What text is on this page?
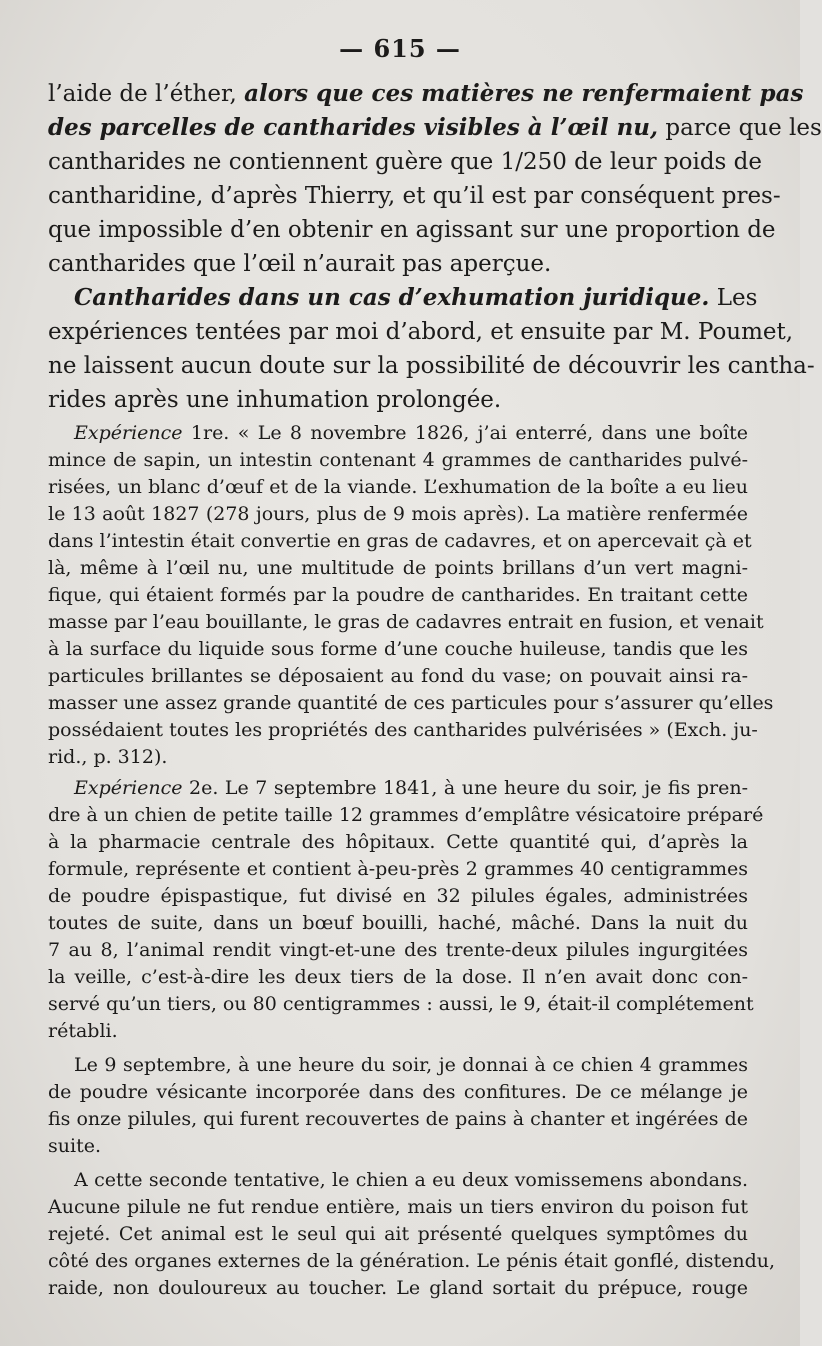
— 615 —
l’aide de l’éther, alors que ces matières ne renfermaient pas
des parcelles de cantharides visibles à l’œil nu, parce que les
cantharides ne contiennent guère que 1/250 de leur poids de
cantharidine, d’après Thierry, et qu’il est par conséquent pres-
que impossible d’en obtenir en agissant sur une proportion de
cantharides que l’œil n’aurait pas aperçue.
Cantharides dans un cas d’exhumation juridique. Les
expériences tentées par moi d’abord, et ensuite par M. Poumet,
ne laissent aucun doute sur la possibilité de découvrir les cantha-
rides après une inhumation prolongée.
Expérience 1re. « Le 8 novembre 1826, j’ai enterré, dans une boîte
mince de sapin, un intestin contenant 4 grammes de cantharides pulvé-
risées, un blanc d’œuf et de la viande. L’exhumation de la boîte a eu lieu
le 13 août 1827 (278 jours, plus de 9 mois après). La matière renfermée
dans l’intestin était convertie en gras de cadavres, et on apercevait çà et
là, même à l’œil nu, une multitude de points brillans d’un vert magni-
fique, qui étaient formés par la poudre de cantharides. En traitant cette
masse par l’eau bouillante, le gras de cadavres entrait en fusion, et venait
à la surface du liquide sous forme d’une couche huileuse, tandis que les
particules brillantes se déposaient au fond du vase; on pouvait ainsi ra-
masser une assez grande quantité de ces particules pour s’assurer qu’elles
possédaient toutes les propriétés des cantharides pulvérisées » (Exch. ju-
rid., p. 312).
Expérience 2e. Le 7 septembre 1841, à une heure du soir, je fis pren-
dre à un chien de petite taille 12 grammes d’emplâtre vésicatoire préparé
à la pharmacie centrale des hôpitaux. Cette quantité qui, d’après la
formule, représente et contient à-peu-près 2 grammes 40 centigrammes
de poudre épispastique, fut divisé en 32 pilules égales, administrées
toutes de suite, dans un bœuf bouilli, haché, mâché. Dans la nuit du
7 au 8, l’animal rendit vingt-et-une des trente-deux pilules ingurgitées
la veille, c’est-à-dire les deux tiers de la dose. Il n’en avait donc con-
servé qu’un tiers, ou 80 centigrammes : aussi, le 9, était-il complétement
rétabli.
Le 9 septembre, à une heure du soir, je donnai à ce chien 4 grammes
de poudre vésicante incorporée dans des confitures. De ce mélange je
fis onze pilules, qui furent recouvertes de pains à chanter et ingérées de
suite.
A cette seconde tentative, le chien a eu deux vomissemens abondans.
Aucune pilule ne fut rendue entière, mais un tiers environ du poison fut
rejeté. Cet animal est le seul qui ait présenté quelques symptômes du
côté des organes externes de la génération. Le pénis était gonflé, distendu,
raide, non douloureux au toucher. Le gland sortait du prépuce, rouge
